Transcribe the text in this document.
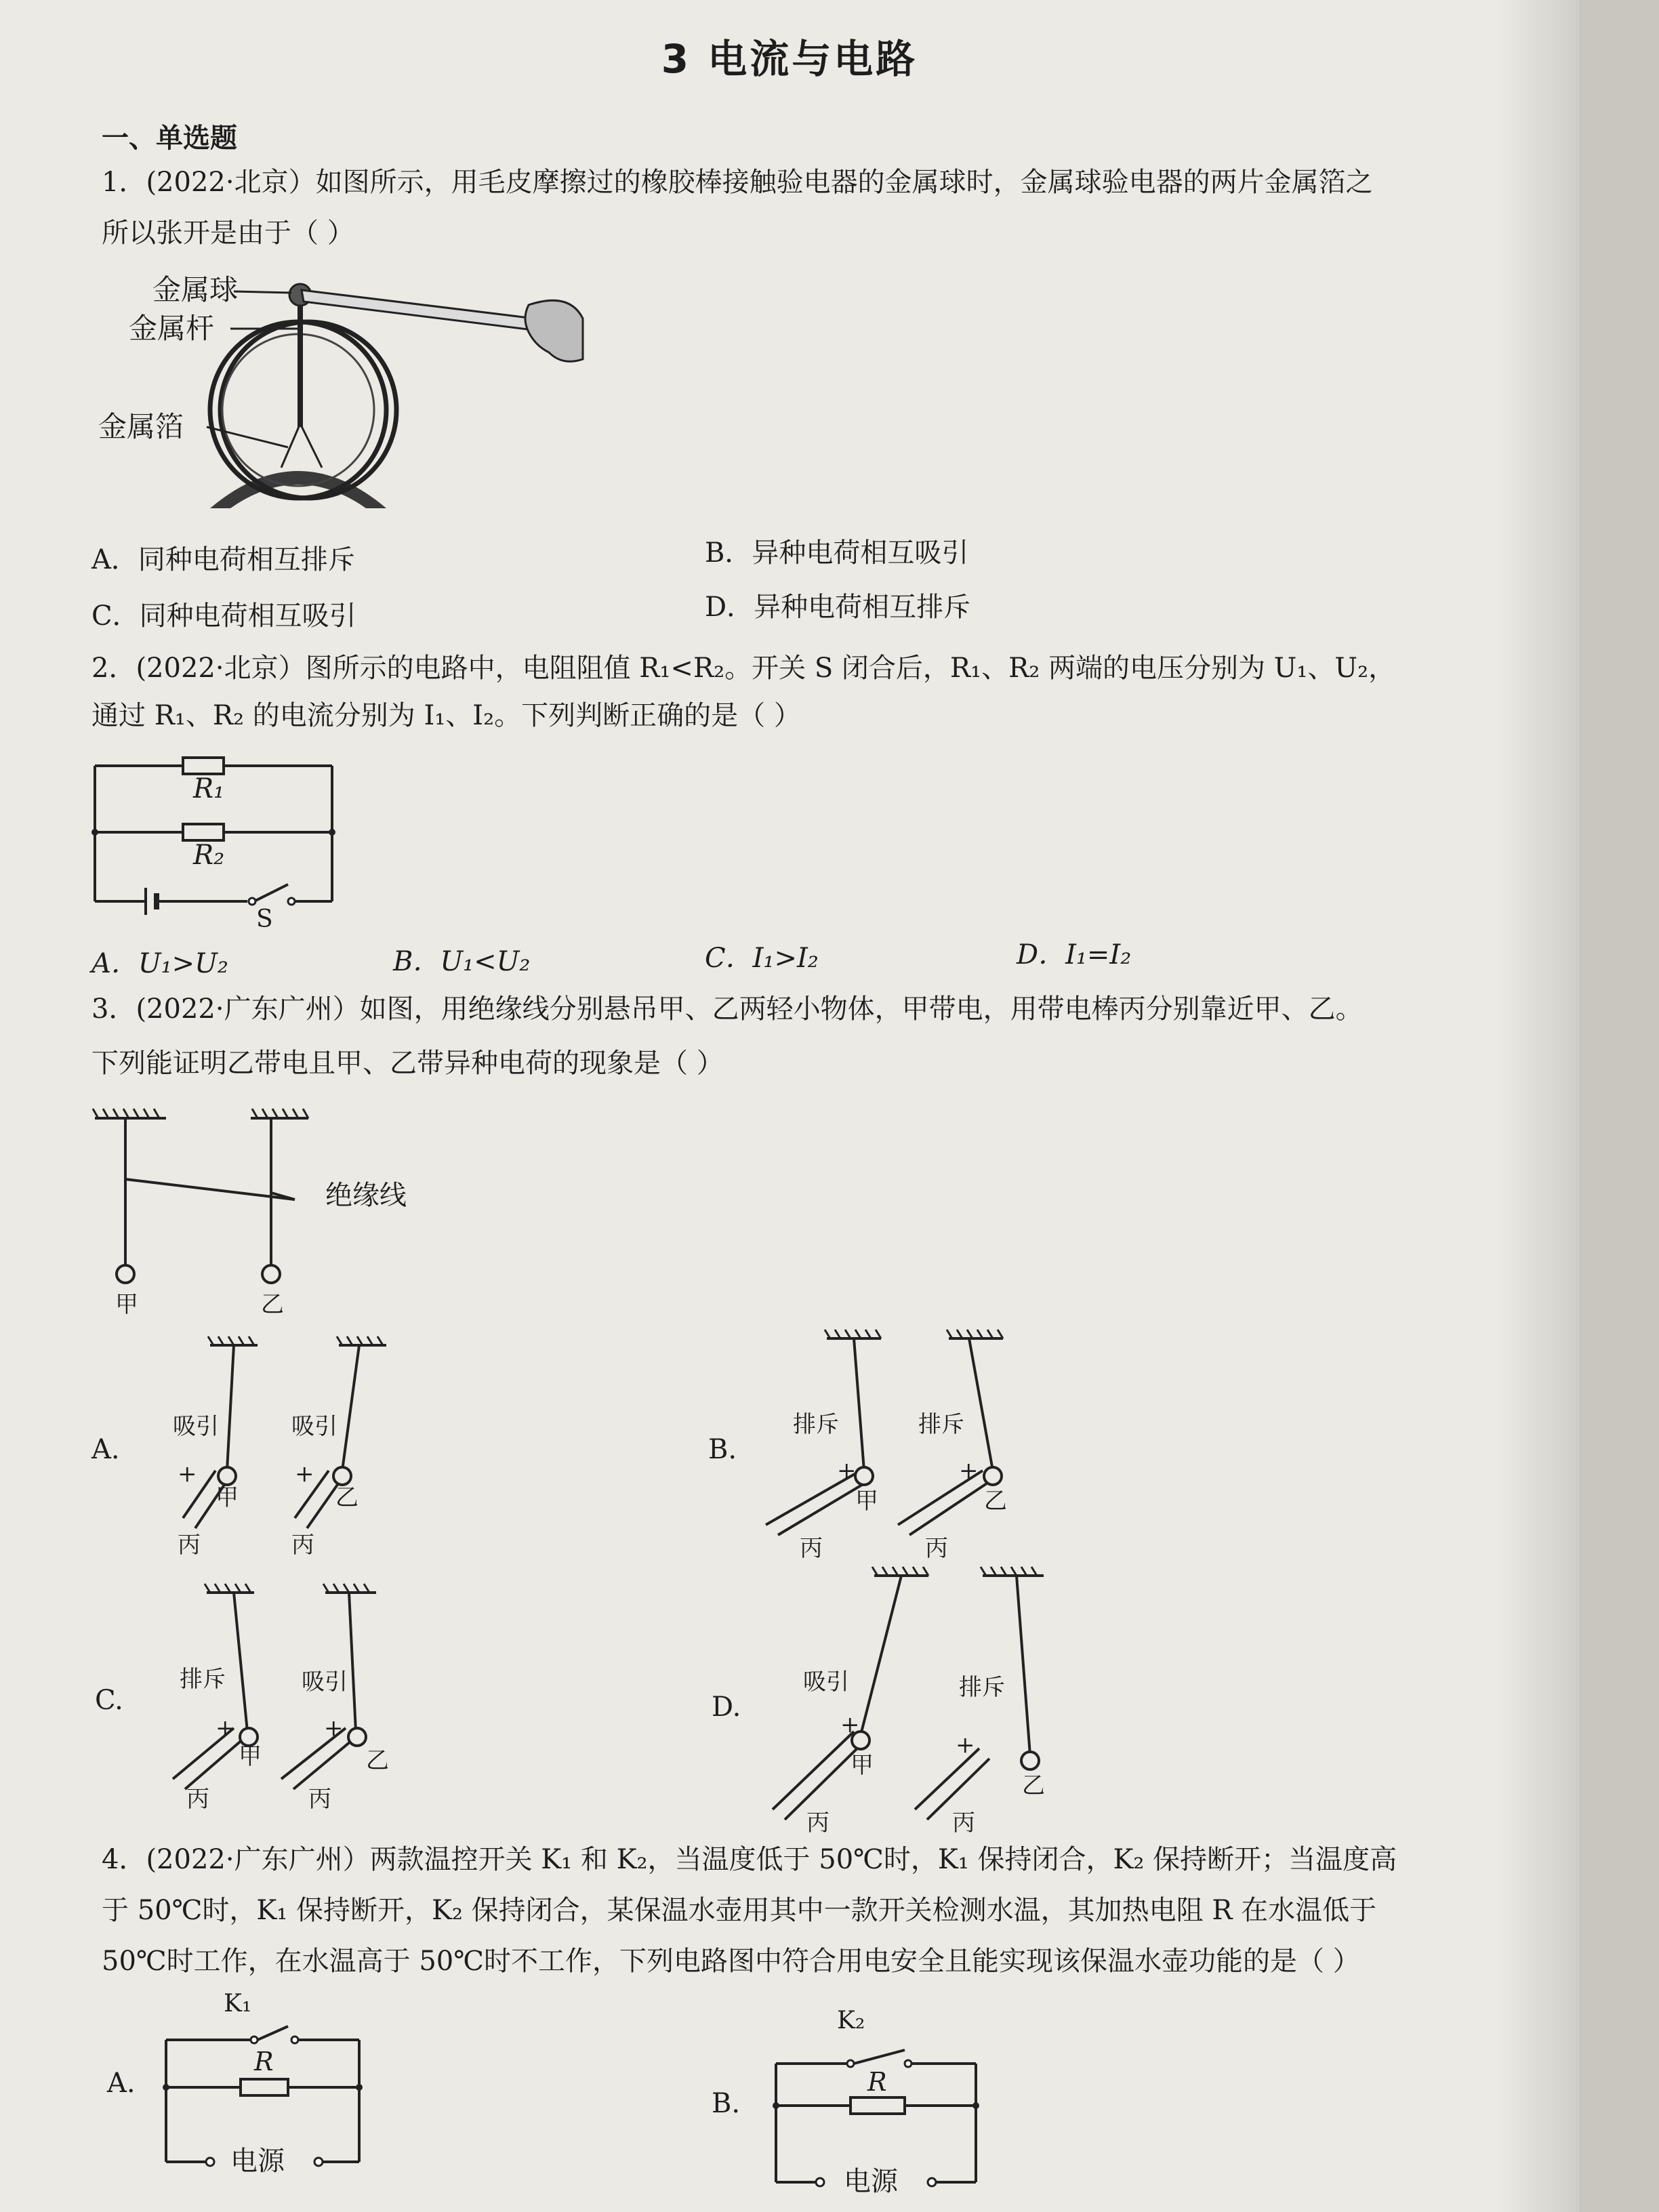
3 电流与电路
一、单选题
1．(2022·北京）如图所示，用毛皮摩擦过的橡胶棒接触验电器的金属球时，金属球验电器的两片金属箔之
所以张开是由于（ ）
金属球
金属杆
金属箔
A．同种电荷相互排斥	B．异种电荷相互吸引
C．同种电荷相互吸引	D．异种电荷相互排斥
2．(2022·北京）图所示的电路中，电阻阻值 R₁<R₂。开关 S 闭合后，R₁、R₂ 两端的电压分别为 U₁、U₂，
通过 R₁、R₂ 的电流分别为 I₁、I₂。下列判断正确的是（ ）
R₁
R₂
S
A．U₁>U₂	B．U₁<U₂	C．I₁>I₂	D．I₁=I₂
3．(2022·广东广州）如图，用绝缘线分别悬吊甲、乙两轻小物体，甲带电，用带电棒丙分别靠近甲、乙。
下列能证明乙带电且甲、乙带异种电荷的现象是（ ）
绝缘线
甲	乙
A.
吸引	吸引
+	+
甲	乙
丙	丙
B.
排斥	排斥
+	+
甲	乙
丙	丙
C.
排斥	吸引
+	+
甲	乙
丙	丙
D.
吸引	排斥
+
+
甲
乙
丙	丙
4．(2022·广东广州）两款温控开关 K₁ 和 K₂，当温度低于 50℃时，K₁ 保持闭合，K₂ 保持断开；当温度高
于 50℃时，K₁ 保持断开，K₂ 保持闭合，某保温水壶用其中一款开关检测水温，其加热电阻 R 在水温低于
50℃时工作，在水温高于 50℃时不工作，下列电路图中符合用电安全且能实现该保温水壶功能的是（ ）
A.
K₁
R
电源
B.
K₂
R
电源
